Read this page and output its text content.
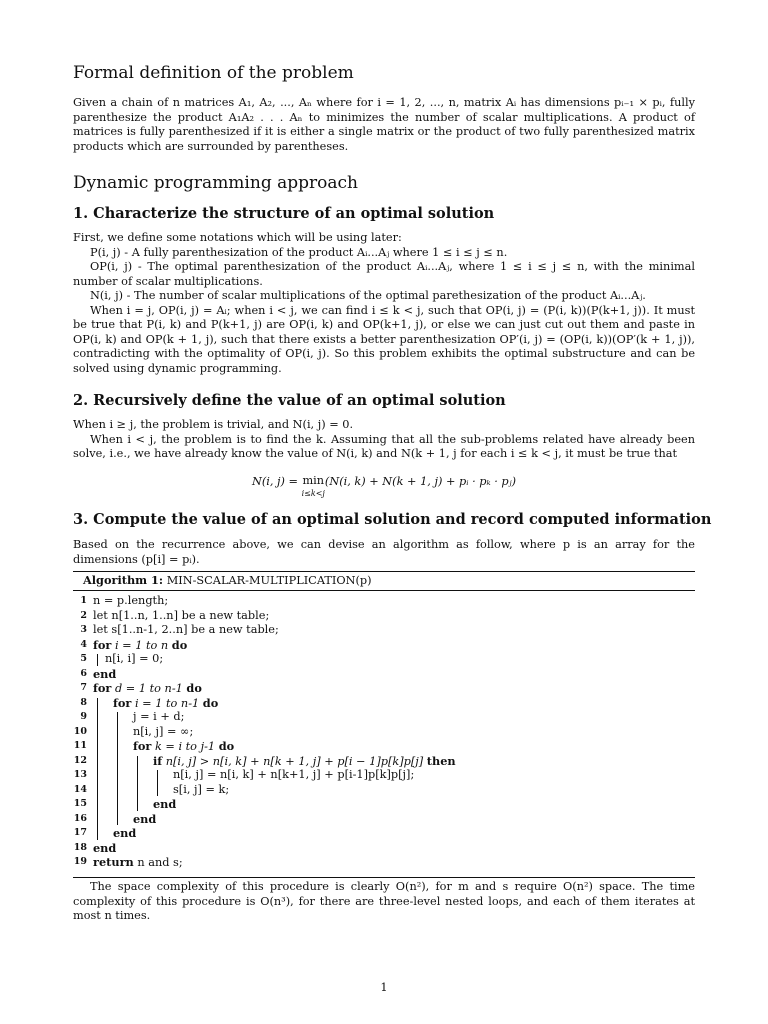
Formal definition of the problem

Given a chain of n matrices A₁, A₂, ..., Aₙ where for i = 1, 2, ..., n, matrix Aᵢ has dimensions pᵢ₋₁ × pᵢ, fully parenthesize the product A₁A₂ . . . Aₙ to minimizes the number of scalar multiplications. A product of matrices is fully parenthesized if it is either a single matrix or the product of two fully parenthesized matrix products which are surrounded by parentheses.

Dynamic programming approach
1. Characterize the structure of an optimal solution

First, we define some notations which will be using later:

P(i, j) - A fully parenthesization of the product Aᵢ...Aⱼ where 1 ≤ i ≤ j ≤ n.

OP(i, j) - The optimal parenthesization of the product Aᵢ...Aⱼ, where 1 ≤ i ≤ j ≤ n, with the minimal number of scalar multiplications.

N(i, j) - The number of scalar multiplications of the optimal parethesization of the product Aᵢ...Aⱼ.

When i = j, OP(i, j) = Aᵢ; when i < j, we can find i ≤ k < j, such that OP(i, j) = (P(i, k))(P(k+1, j)). It must be true that P(i, k) and P(k+1, j) are OP(i, k) and OP(k+1, j), or else we can just cut out them and paste in OP(i, k) and OP(k + 1, j), such that there exists a better parenthesization OP′(i, j) = (OP(i, k))(OP′(k + 1, j)), contradicting with the optimality of OP(i, j). So this problem exhibits the optimal substructure and can be solved using dynamic programming.

2. Recursively define the value of an optimal solution

When i ≥ j, the problem is trivial, and N(i, j) = 0.

When i < j, the problem is to find the k. Assuming that all the sub-problems related have already been solve, i.e., we have already know the value of N(i, k) and N(k + 1, j for each i ≤ k < j, it must be true that

N(i, j) = min
i≤k<j(N(i, k) + N(k + 1, j) + pᵢ · pₖ · pⱼ)
3. Compute the value of an optimal solution and record computed information

Based on the recurrence above, we can devise an algorithm as follow, where p is an array for the dimensions (p[i] = pᵢ).

Algorithm 1: MIN-SCALAR-MULTIPLICATION(p)
1 n = p.length;
2 let n[1..n, 1..n] be a new table;
3 let s[1..n-1, 2..n] be a new table;
4 for i = 1 to n do
5 n[i, i] = 0;
6 end
7 for d = 1 to n-1 do
8 for i = 1 to n-1 do
9	j = i + d;
10	n[i, j] = ∞;
11	for k = i to j-1 do
12	if n[i, j] > n[i, k] + n[k + 1, j] + p[i − 1]p[k]p[j] then
13	n[i, j] = n[i, k] + n[k+1, j] + p[i-1]p[k]p[j];
14	s[i, j] = k;
15	end
16	end
17 end
18 end
19 return n and s;

The space complexity of this procedure is clearly O(n²), for m and s require O(n²) space. The time complexity of this procedure is O(n³), for there are three-level nested loops, and each of them iterates at most n times.

1
